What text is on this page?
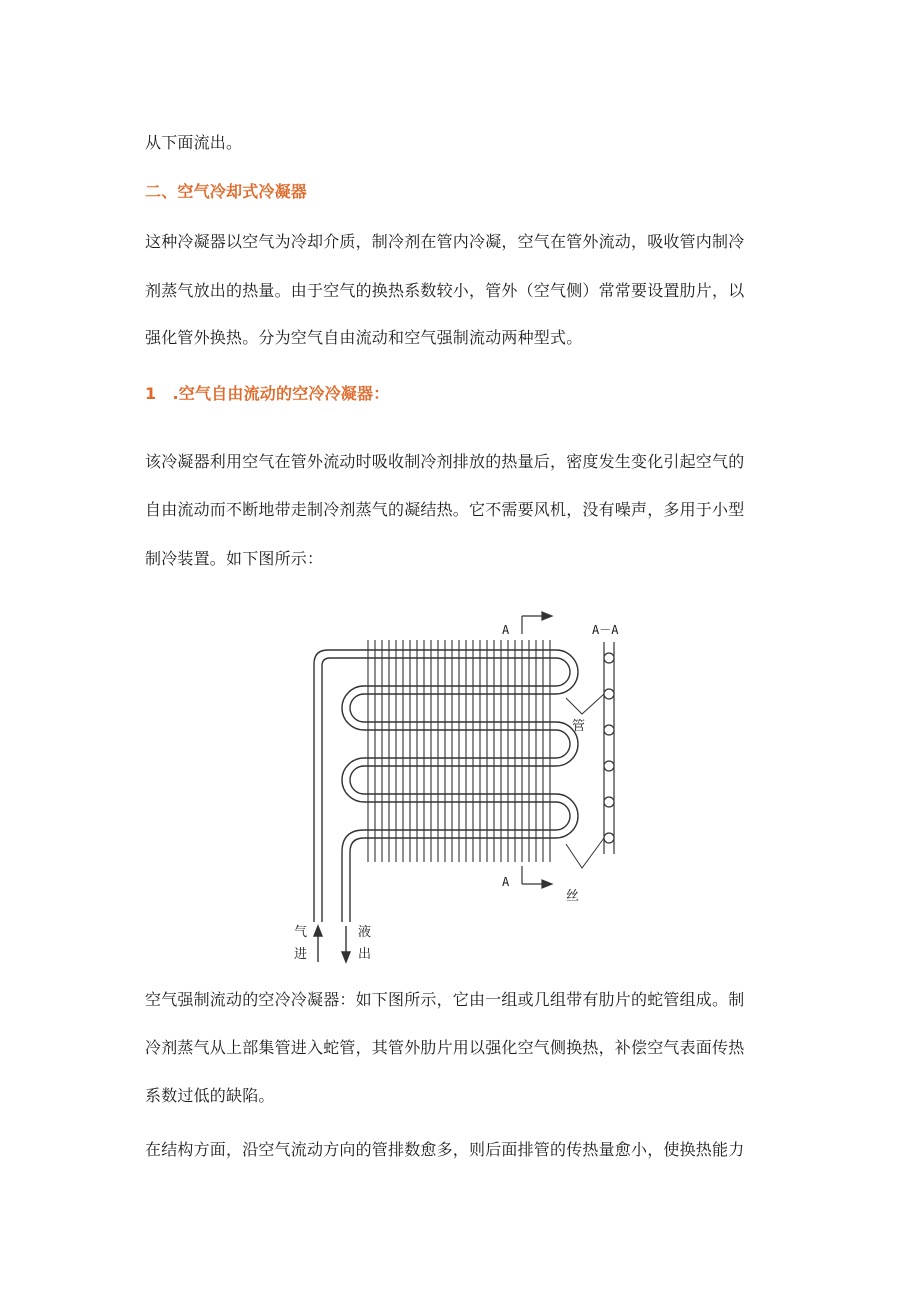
从下面流出。
二、空气冷却式冷凝器
这种冷凝器以空气为冷却介质，制冷剂在管内冷凝，空气在管外流动，吸收管内制冷
剂蒸气放出的热量。由于空气的换热系数较小，管外（空气侧）常常要设置肋片，以
强化管外换热。分为空气自由流动和空气强制流动两种型式。
1　.空气自由流动的空冷冷凝器：
该冷凝器利用空气在管外流动时吸收制冷剂排放的热量后，密度发生变化引起空气的
自由流动而不断地带走制冷剂蒸气的凝结热。它不需要风机，没有噪声，多用于小型
制冷装置。如下图所示：
A	A－A
管
A
丝
气
进
液
出
空气强制流动的空冷冷凝器：如下图所示，它由一组或几组带有肋片的蛇管组成。制
冷剂蒸气从上部集管进入蛇管，其管外肋片用以强化空气侧换热，补偿空气表面传热
系数过低的缺陷。
在结构方面，沿空气流动方向的管排数愈多，则后面排管的传热量愈小，使换热能力
